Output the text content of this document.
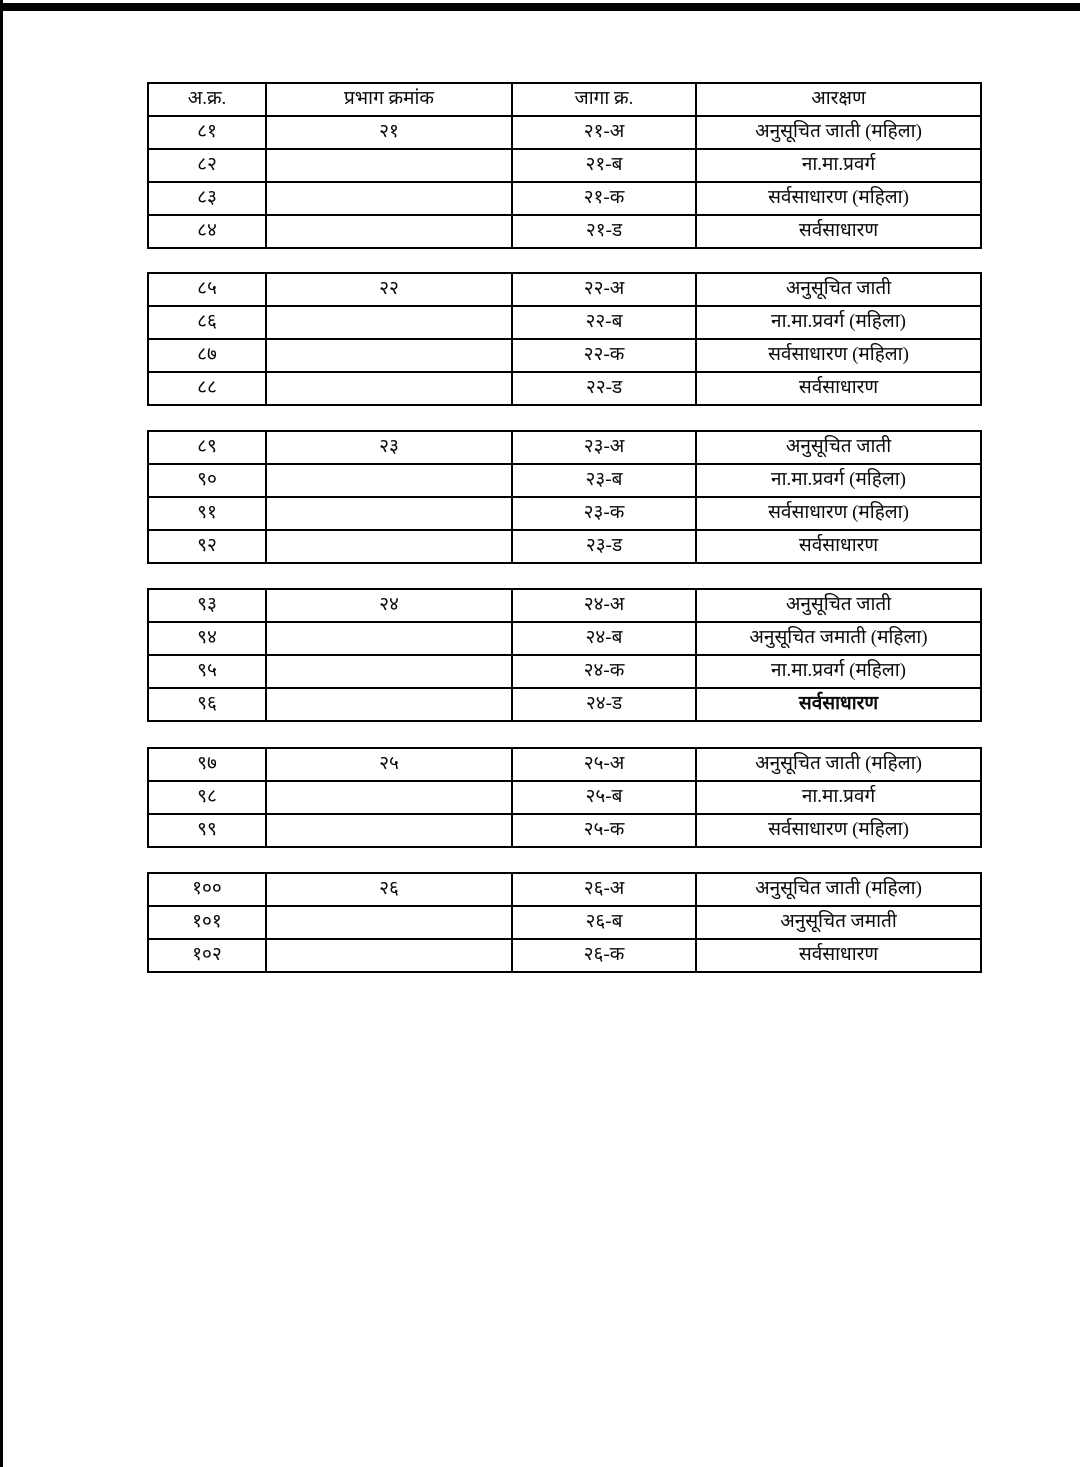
अ.क्र.	प्रभाग क्रमांक	जागा क्र.	आरक्षण
८१	२१	२१-अ	अनुसूचित जाती (महिला)
८२		२१-ब	ना.मा.प्रवर्ग
८३		२१-क	सर्वसाधारण (महिला)
८४		२१-ड	सर्वसाधारण
८५	२२	२२-अ	अनुसूचित जाती
८६		२२-ब	ना.मा.प्रवर्ग (महिला)
८७		२२-क	सर्वसाधारण (महिला)
८८		२२-ड	सर्वसाधारण
८९	२३	२३-अ	अनुसूचित जाती
९०		२३-ब	ना.मा.प्रवर्ग (महिला)
९१		२३-क	सर्वसाधारण (महिला)
९२		२३-ड	सर्वसाधारण
९३	२४	२४-अ	अनुसूचित जाती
९४		२४-ब	अनुसूचित जमाती (महिला)
९५		२४-क	ना.मा.प्रवर्ग (महिला)
९६		२४-ड	सर्वसाधारण
९७	२५	२५-अ	अनुसूचित जाती (महिला)
९८		२५-ब	ना.मा.प्रवर्ग
९९		२५-क	सर्वसाधारण (महिला)
१००	२६	२६-अ	अनुसूचित जाती (महिला)
१०१		२६-ब	अनुसूचित जमाती
१०२		२६-क	सर्वसाधारण
